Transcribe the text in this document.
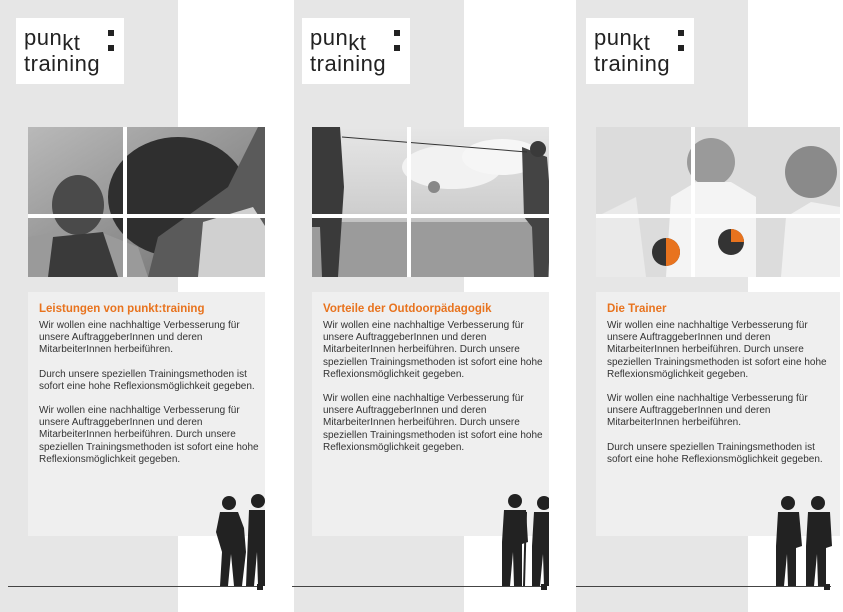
punkt
training
Leistungen von punkt:training

Wir wollen eine nachhaltige Verbesserung für unsere AuftraggeberInnen und deren MitarbeiterInnen herbeiführen.

Durch unsere speziellen Trainingsmethoden ist sofort eine hohe Reflexionsmöglichkeit gegeben.

Wir wollen eine nachhaltige Verbesserung für unsere AuftraggeberInnen und deren MitarbeiterInnen herbeiführen. Durch unsere speziellen Trainingsmethoden ist sofort eine hohe Reflexionsmöglichkeit gegeben.

punkt
training
Vorteile der Outdoorpädagogik

Wir wollen eine nachhaltige Verbesserung für unsere AuftraggeberInnen und deren MitarbeiterInnen herbeiführen. Durch unsere speziellen Trainingsmethoden ist sofort eine hohe Reflexionsmöglichkeit gegeben.

Wir wollen eine nachhaltige Verbesserung für unsere AuftraggeberInnen und deren MitarbeiterInnen herbeiführen. Durch unsere speziellen Trainingsmethoden ist sofort eine hohe Reflexionsmöglichkeit gegeben.

punkt
training
Die Trainer

Wir wollen eine nachhaltige Verbesserung für unsere AuftraggeberInnen und deren MitarbeiterInnen herbeiführen. Durch unsere speziellen Trainingsmethoden ist sofort eine hohe Reflexionsmöglichkeit gegeben.

Wir wollen eine nachhaltige Verbesserung für unsere AuftraggeberInnen und deren MitarbeiterInnen herbeiführen.

Durch unsere speziellen Trainingsmethoden ist sofort eine hohe Reflexionsmöglichkeit gegeben.
